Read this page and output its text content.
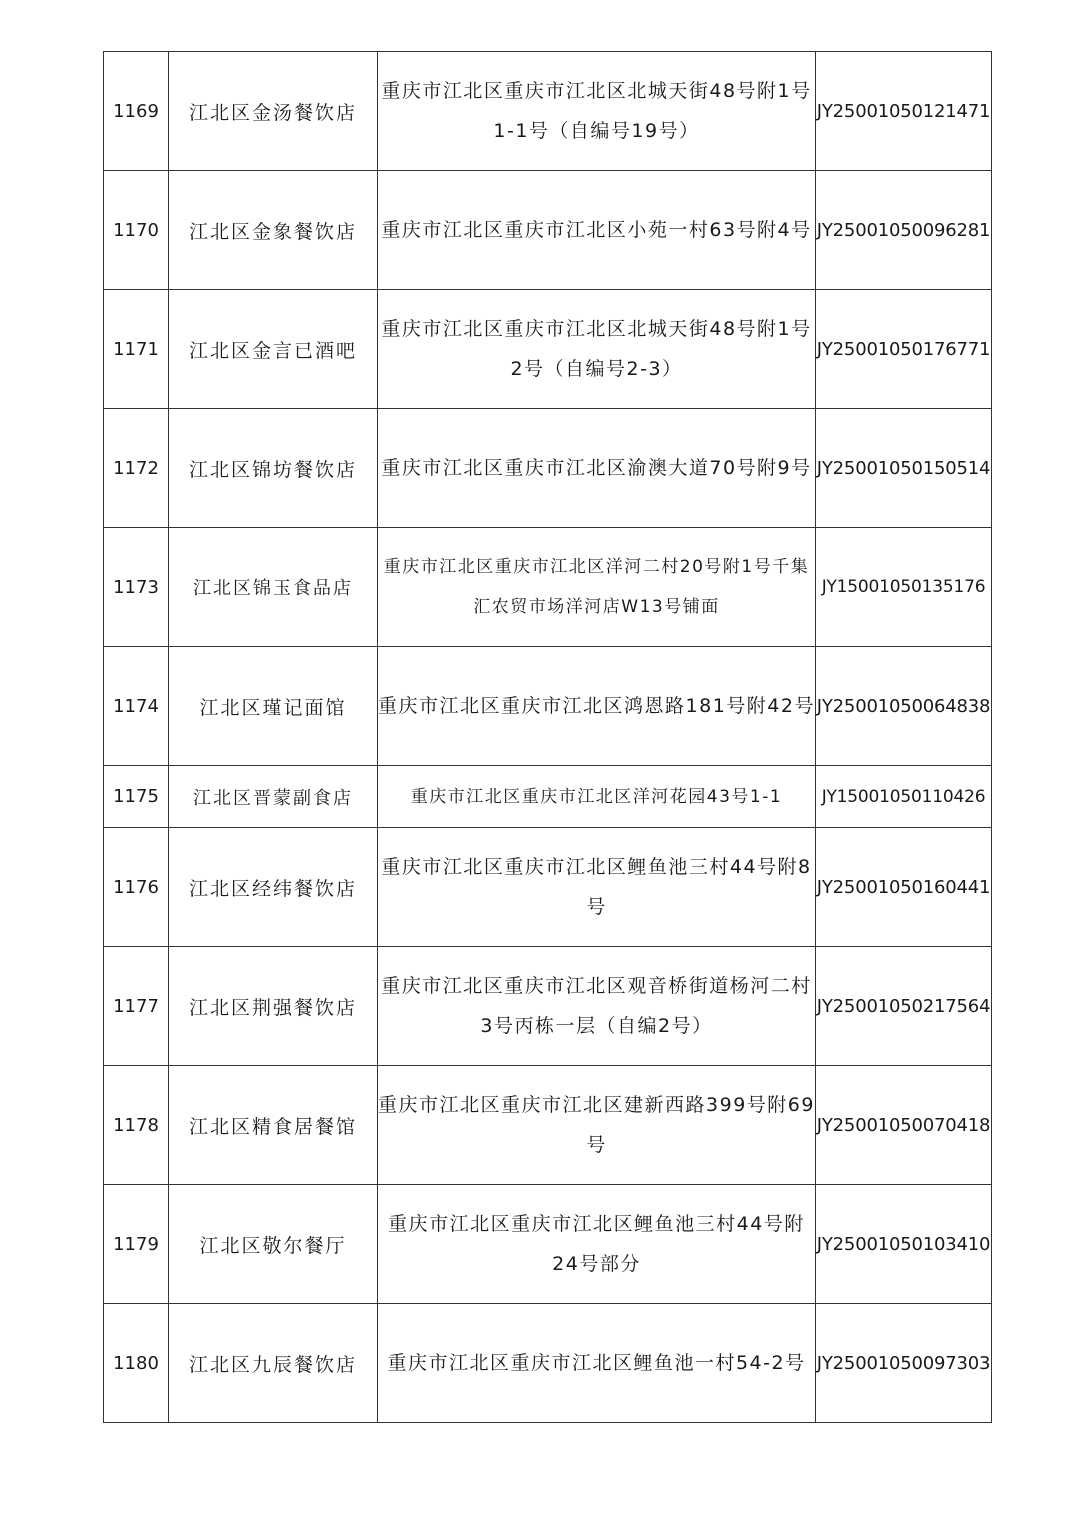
1169	江北区金汤餐饮店	重庆市江北区重庆市江北区北城天街48号附1号1-1号（自编号19号）	JY25001050121471
1170	江北区金象餐饮店	重庆市江北区重庆市江北区小苑一村63号附4号	JY25001050096281
1171	江北区金言已酒吧	重庆市江北区重庆市江北区北城天街48号附1号2号（自编号2-3）	JY25001050176771
1172	江北区锦坊餐饮店	重庆市江北区重庆市江北区渝澳大道70号附9号	JY25001050150514
1173	江北区锦玉食品店	重庆市江北区重庆市江北区洋河二村20号附1号千集汇农贸市场洋河店W13号铺面	JY15001050135176
1174	江北区瑾记面馆	重庆市江北区重庆市江北区鸿恩路181号附42号	JY25001050064838
1175	江北区晋蒙副食店	重庆市江北区重庆市江北区洋河花园43号1-1	JY15001050110426
1176	江北区经纬餐饮店	重庆市江北区重庆市江北区鲤鱼池三村44号附8号	JY25001050160441
1177	江北区荆强餐饮店	重庆市江北区重庆市江北区观音桥街道杨河二村3号丙栋一层（自编2号）	JY25001050217564
1178	江北区精食居餐馆	重庆市江北区重庆市江北区建新西路399号附69号	JY25001050070418
1179	江北区敬尔餐厅	重庆市江北区重庆市江北区鲤鱼池三村44号附24号部分	JY25001050103410
1180	江北区九辰餐饮店	重庆市江北区重庆市江北区鲤鱼池一村54-2号	JY25001050097303
